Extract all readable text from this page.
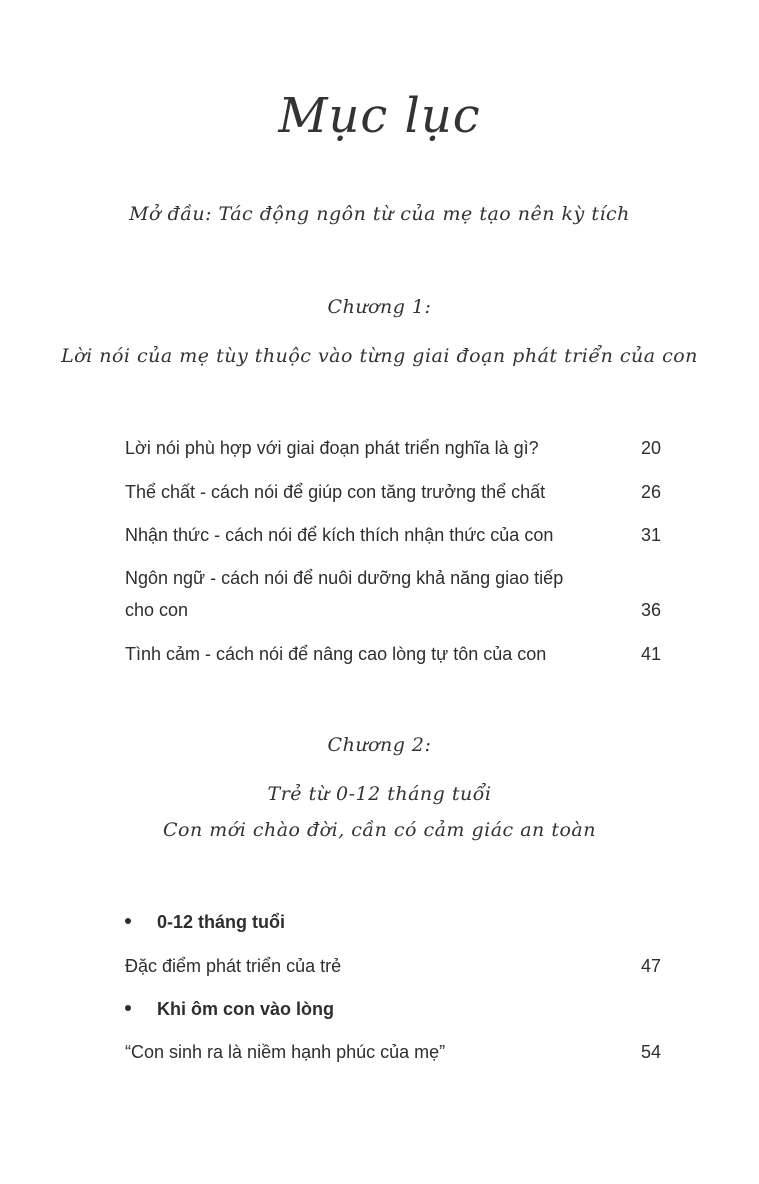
Mục lục
Mở đầu: Tác động ngôn từ của mẹ tạo nên kỳ tích
Chương 1:
Lời nói của mẹ tùy thuộc vào từng giai đoạn phát triển của con
Lời nói phù hợp với giai đoạn phát triển nghĩa là gì?	20
Thể chất - cách nói để giúp con tăng trưởng thể chất	26
Nhận thức - cách nói để kích thích nhận thức của con	31
Ngôn ngữ - cách nói để nuôi dưỡng khả năng giao tiếp cho con	36
Tình cảm - cách nói để nâng cao lòng tự tôn của con	41
Chương 2:
Trẻ từ 0-12 tháng tuổi
Con mới chào đời, cần có cảm giác an toàn
0-12 tháng tuổi
Đặc điểm phát triển của trẻ	47
Khi ôm con vào lòng
“Con sinh ra là niềm hạnh phúc của mẹ”	54
